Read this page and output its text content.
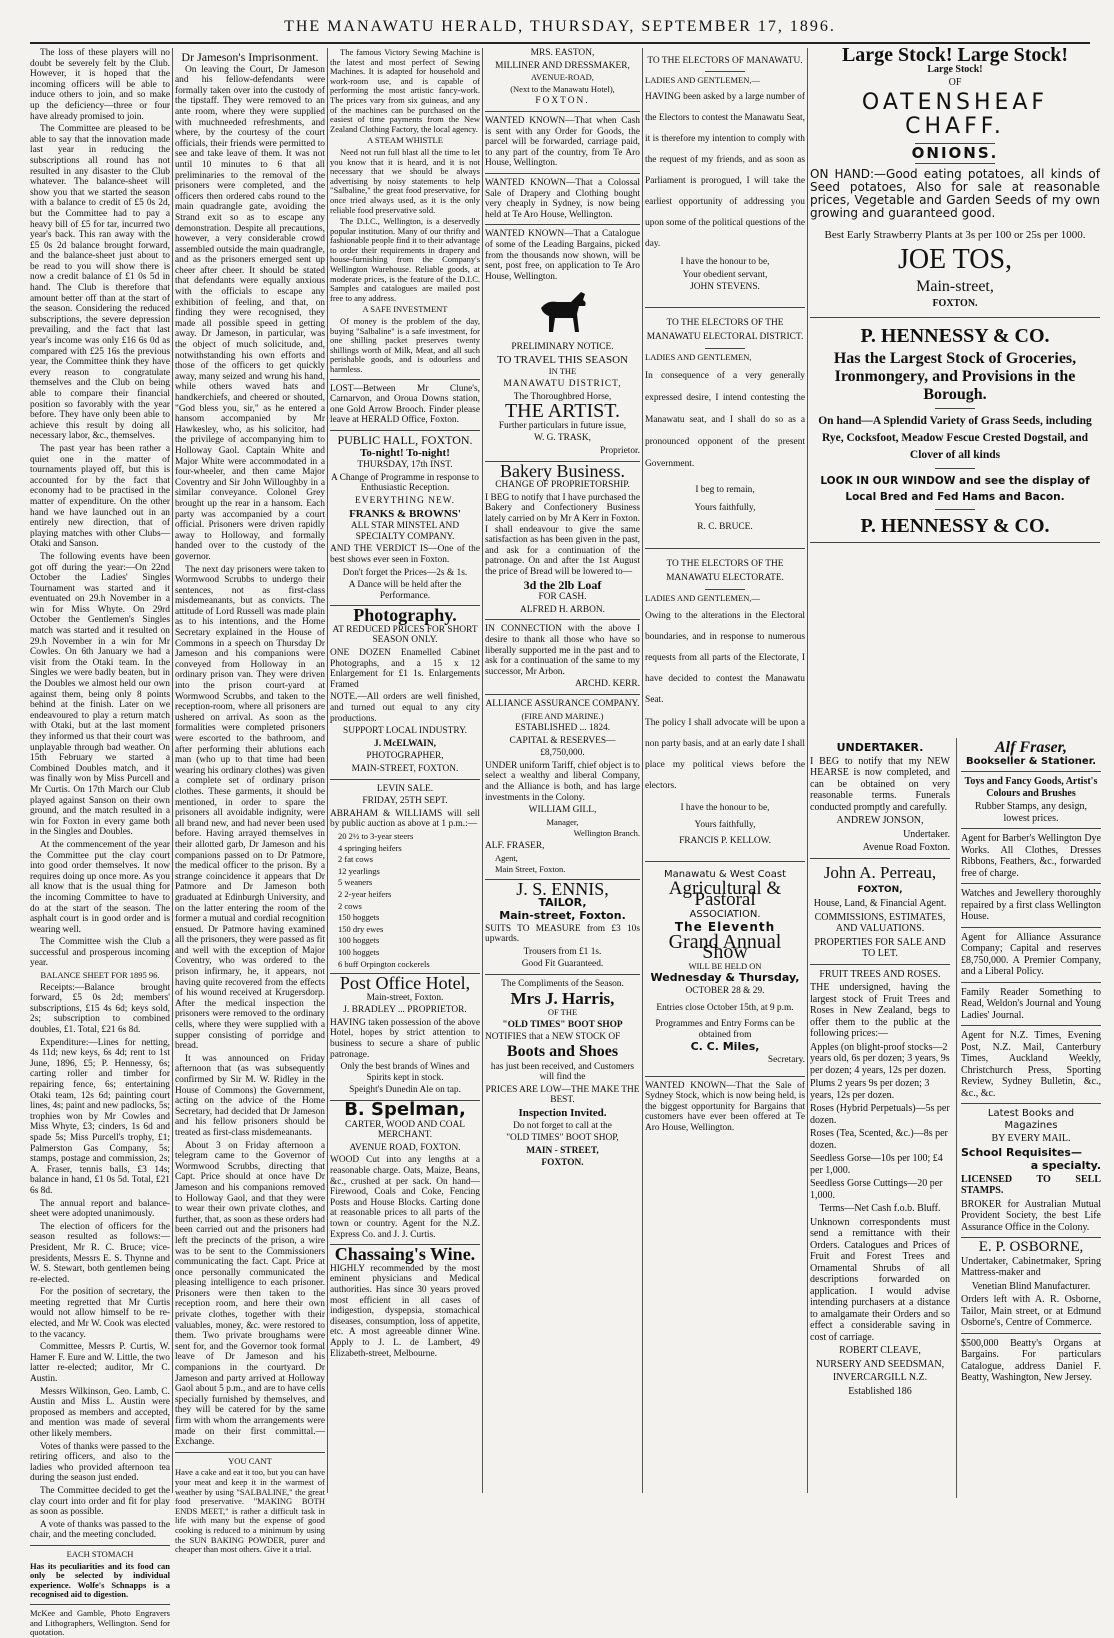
THE MANAWATU HERALD, THURSDAY, SEPTEMBER 17, 1896.

The loss of these players will no doubt be severely felt by the Club. However, it is hoped that the incoming officers will be able to induce others to join, and so make up the deficiency—three or four have already promised to join.

The Committee are pleased to be able to say that the innovation made last year in reducing the subscriptions all round has not resulted in any disaster to the Club whatever. The balance-sheet will show you that we started the season with a balance to credit of £5 0s 2d, but the Committee had to pay a heavy bill of £5 for tar, incurred two year's back. This ran away with the £5 0s 2d balance brought forward, and the balance-sheet just about to be read to you will show there is now a credit balance of £1 0s 5d in hand. The Club is therefore that amount better off than at the start of the season. Considering the reduced subscriptions, the severe depression prevailing, and the fact that last year's income was only £16 6s 0d as compared with £25 16s the previous year, the Committee think they have every reason to congratulate themselves and the Club on being able to compare their financial position so favorably with the year before. They have only been able to achieve this result by doing all necessary labor, &c., themselves.

The past year has been rather a quiet one in the matter of tournaments played off, but this is accounted for by the fact that economy had to be practised in the matter of expenditure. On the other hand we have launched out in an entirely new direction, that of playing matches with other Clubs—Otaki and Sanson.

The following events have been got off during the year:—On 22nd October the Ladies' Singles Tournament was started and it eventuated on 29.h November in a win for Miss Whyte. On 29rd October the Gentlemen's Singles match was started and it resulted on 29.h November in a win for Mr Cowles. On 6th January we had a visit from the Otaki team. In the Singles we were badly beaten, but in the Doubles we almost held our own against them, being only 8 points behind at the finish. Later on we endeavoured to play a return match with Otaki, but at the last moment they informed us that their court was unplayable through bad weather. On 15th February we started a Combined Doubles match, and it was finally won by Miss Purcell and Mr Curtis. On 17th March our Club played against Sanson on their own ground, and the match resulted in a win for Foxton in every game both in the Singles and Doubles.

At the commencement of the year the Committee put the clay court into good order themselves. It now requires doing up once more. As you all know that is the usual thing for the incoming Committee to have to do at the start of the season. The asphalt court is in good order and is wearing well.

The Committee wish the Club a successful and prosperous incoming year.

BALANCE SHEET FOR 1895 96.

Receipts:—Balance brought forward, £5 0s 2d; members' subscriptions, £15 4s 6d; keys sold, 2s; subscription to combined doubles, £1. Total, £21 6s 8d.

Expenditure:—Lines for netting, 4s 11d; new keys, 6s 4d; rent to 1st June, 1896, £5; P. Hennessy, 6s; carting roller and timber for repairing fence, 6s; entertaining Otaki team, 12s 6d; painting court lines, 4s; paint and new padlocks, 5s; trophies won by Mr Cowles and Miss Whyte, £3; cinders, 1s 6d and spade 5s; Miss Purcell's trophy, £1; Palmerston Gas Company, 5s; stamps, postage and commission, 2s; A. Fraser, tennis balls, £3 14s; balance in hand, £1 0s 5d. Total, £21 6s 8d.

The annual report and balance-sheet were adopted unanimously.

The election of officers for the season resulted as follows:—President, Mr R. C. Bruce; vice-presidents, Messrs E. S. Thynne and W. S. Stewart, both gentlemen being re-elected.

For the position of secretary, the meeting regretted that Mr Curtis would not allow himself to be re-elected, and Mr W. Cook was elected to the vacancy.

Committee, Messrs P. Curtis, W. Hamer F. Eure and W. Little, the two latter re-elected; auditor, Mr C. Austin.

Messrs Wilkinson, Geo. Lamb, C. Austin and Miss L. Austin were proposed as members and accepted, and mention was made of several other likely members.

Votes of thanks were passed to the retiring officers, and also to the ladies who provided afternoon tea during the season just ended.

The Committee decided to get the clay court into order and fit for play as soon as possible.

A vote of thanks was passed to the chair, and the meeting concluded.

EACH STOMACH

Has its peculiarities and its food can only be selected by individual experience. Wolfe's Schnapps is a recognised aid to digestion.

McKee and Gamble, Photo Engravers and Lithographers, Wellington. Send for quotation.

Dr Jameson's Imprisonment.

On leaving the Court, Dr Jameson and his fellow-defendants were formally taken over into the custody of the tipstaff. They were removed to an ante room, where they were supplied with muchneeded refreshments, and where, by the courtesy of the court officials, their friends were permitted to see and take leave of them. It was not until 10 minutes to 6 that all preliminaries to the removal of the prisoners were completed, and the officers then ordered cabs round to the main quadrangle gate, avoiding the Strand exit so as to escape any demonstration. Despite all precautions, however, a very considerable crowd assembled outside the main quadrangle, and as the prisoners emerged sent up cheer after cheer. It should be stated that defendants were equally anxious with the officials to escape any exhibition of feeling, and that, on finding they were recognised, they made all possible speed in getting away. Dr Jameson, in particular, was the object of much solicitude, and, notwithstanding his own efforts and those of the officers to get quickly away, many seized and wrung his hand, while others waved hats and handkerchiefs, and cheered or shouted, "God bless you, sir," as he entered a hansom accompanied by Mr Hawkesley, who, as his solicitor, had the privilege of accompanying him to Holloway Gaol. Captain White and Major White were accommodated in a four-wheeler, and then came Major Coventry and Sir John Willoughby in a similar conveyance. Colonel Grey brought up the rear in a hansom. Each party was accompanied by a court official. Prisoners were driven rapidly away to Holloway, and formally handed over to the custody of the governor.

The next day prisoners were taken to Wormwood Scrubbs to undergo their sentences, not as first-class misdemeanants, but as convicts. The attitude of Lord Russell was made plain as to his intentions, and the Home Secretary explained in the House of Commons in a speech on Thursday Dr Jameson and his companions were conveyed from Holloway in an ordinary prison van. They were driven into the prison court-yard at Wormwood Scrubbs, and taken to the reception-room, where all prisoners are ushered on arrival. As soon as the formalities were completed prisoners were escorted to the bathroom, and after performing their ablutions each man (who up to that time had been wearing his ordinary clothes) was given a complete set of ordinary prison clothes. These garments, it should be mentioned, in order to spare the prisoners all avoidable indignity, were all brand new, and had never been used before. Having arrayed themselves in their allotted garb, Dr Jameson and his companions passed on to Dr Patmore, the medical officer to the prison. By a strange coincidence it appears that Dr Patmore and Dr Jameson both graduated at Edinburgh University, and on the latter entering the room of the former a mutual and cordial recognition ensued. Dr Patmore having examined all the prisoners, they were passed as fit and well with the exception of Major Coventry, who was ordered to the prison infirmary, he, it appears, not having quite recovered from the effects of his wound received at Krugersdorp. After the medical inspection the prisoners were removed to the ordinary cells, where they were supplied with a supper consisting of porridge and bread.

It was announced on Friday afternoon that (as was subsequently confirmed by Sir M. W. Ridley in the House of Commons) the Government, acting on the advice of the Home Secretary, had decided that Dr Jameson and his fellow prisoners should be treated as first-class misdemeanants.

About 3 on Friday afternoon a telegram came to the Governor of Wormwood Scrubbs, directing that Capt. Price should at once have Dr Jameson and his companions removed to Holloway Gaol, and that they were to wear their own private clothes, and further, that, as soon as these orders had been carried out and the prisoners had left the precincts of the prison, a wire was to be sent to the Commissioners communicating the fact. Capt. Price at once personally communicated the pleasing intelligence to each prisoner. Prisoners were then taken to the reception room, and here their own private clothes, together with their valuables, money, &c. were restored to them. Two private broughams were sent for, and the Governor took formal leave of Dr Jameson and his companions in the courtyard. Dr Jameson and party arrived at Holloway Gaol about 5 p.m., and are to have cells specially furnished by themselves, and they will be catered for by the same firm with whom the arrangements were made on their first committal.—Exchange.

YOU CANT

Have a cake and eat it too, but you can have your meat and keep it in the warmest of weather by using "SALBALINE," the great food preservative. "MAKING BOTH ENDS MEET," is rather a difficult task in life with many but the expense of good cooking is reduced to a minimum by using the SUN BAKING POWDER, purer and cheaper than most others. Give it a trial.

The famous Victory Sewing Machine is the latest and most perfect of Sewing Machines. It is adapted for household and work-room use, and is capable of performing the most artistic fancy-work. The prices vary from six guineas, and any of the machines can be purchased on the easiest of time payments from the New Zealand Clothing Factory, the local agency.

A STEAM WHISTLE

Need not run full blast all the time to let you know that it is heard, and it is not necessary that we should be always advertising by noisy statements to help "Salbaline," the great food preservative, for once tried always used, as it is the only reliable food preservative sold.

The D.I.C., Wellington, is a deservedly popular institution. Many of our thrifty and fashionable people find it to their advantage to order their requirements in drapery and house-furnishing from the Company's Wellington Warehouse. Reliable goods, at moderate prices, is the feature of the D.I.C. Samples and catalogues are mailed post free to any address.

A SAFE INVESTMENT

Of money is the problem of the day, buying "Salbaline" is a safe investment, for one shilling packet preserves twenty shillings worth of Milk, Meat, and all such perishable goods, and is odourless and harmless.

LOST—Between Mr Clune's, Carnarvon, and Oroua Downs station, one Gold Arrow Brooch. Finder please leave at HERALD Office, Foxton.

PUBLIC HALL, FOXTON.

To-night! To-night!

THURSDAY, 17th INST.

A Change of Programme in response to Enthusiastic Reception.

EVERYTHING NEW.

FRANKS & BROWNS'

ALL STAR MINSTEL AND SPECIALTY COMPANY.

AND THE VERDICT IS—One of the best shows ever seen in Foxton.

Don't forget the Prices—2s & 1s.

A Dance will be held after the Performance.

Photography.

AT REDUCED PRICES FOR SHORT SEASON ONLY.

ONE DOZEN Enamelled Cabinet Photographs, and a 15 x 12 Enlargement for £1 1s. Enlargements Framed

NOTE.—All orders are well finished, and turned out equal to any city productions.

SUPPORT LOCAL INDUSTRY.

J. McELWAIN,

PHOTOGRAPHER,

MAIN-STREET, FOXTON.

LEVIN SALE.

FRIDAY, 25TH SEPT.

ABRAHAM & WILLIAMS will sell by public auction as above at 1 p.m.:—

20 2½ to 3-year steers

4 springing heifers

2 fat cows

12 yearlings

5 weaners

2 2-year heifers

2 cows

150 hoggets

150 dry ewes

100 hoggets

100 hoggets

6 buff Orpington cockerels

Post Office Hotel,

Main-street, Foxton.

J. BRADLEY ... PROPRIETOR.

HAVING taken possession of the above Hotel, hopes by strict attention to business to secure a share of public patronage.

Only the best brands of Wines and Spirits kept in stock.

Speight's Dunedin Ale on tap.

B. Spelman,

CARTER, WOOD AND COAL MERCHANT.

AVENUE ROAD, FOXTON.

WOOD Cut into any lengths at a reasonable charge. Oats, Maize, Beans, &c., crushed at per sack. On hand—Firewood, Coals and Coke, Fencing Posts and House Blocks. Carting done at reasonable prices to all parts of the town or country. Agent for the N.Z. Express Co. and J. J. Curtis.

Chassaing's Wine.

HIGHLY recommended by the most eminent physicians and Medical authorities. Has since 30 years proved most efficient in all cases of indigestion, dyspepsia, stomachical diseases, consumption, loss of appetite, etc. A most agreeable dinner Wine. Apply to J. L. de Lambert, 49 Elizabeth-street, Melbourne.

MRS. EASTON,

MILLINER AND DRESSMAKER,

AVENUE-ROAD,

(Next to the Manawatu Hotel),

FOXTON.

WANTED KNOWN—That when Cash is sent with any Order for Goods, the parcel will be forwarded, carriage paid, to any part of the country, from Te Aro House, Wellington.

WANTED KNOWN—That a Colossal Sale of Drapery and Clothing bought very cheaply in Sydney, is now being held at Te Aro House, Wellington.

WANTED KNOWN—That a Catalogue of some of the Leading Bargains, picked from the thousands now shown, will be sent, post free, on application to Te Aro House, Wellington.

PRELIMINARY NOTICE.

TO TRAVEL THIS SEASON

IN THE

MANAWATU DISTRICT,

The Thoroughbred Horse,

THE ARTIST.

Further particulars in future issue,

W. G. TRASK,

Proprietor.

Bakery Business.

CHANGE OF PROPRIETORSHIP.

I BEG to notify that I have purchased the Bakery and Confectionery Business lately carried on by Mr A Kerr in Foxton. I shall endeavour to give the same satisfaction as has been given in the past, and ask for a continuation of the patronage. On and after the 1st August the price of Bread will be lowered to—

3d the 2lb Loaf

FOR CASH.

ALFRED H. ARBON.

IN CONNECTION with the above I desire to thank all those who have so liberally supported me in the past and to ask for a continuation of the same to my successor, Mr Arbon.

ARCHD. KERR.

ALLIANCE ASSURANCE COMPANY.

(FIRE AND MARINE.)

ESTABLISHED ... 1824.

CAPITAL & RESERVES—

£8,750,000.

UNDER uniform Tariff, chief object is to select a wealthy and liberal Company, and the Alliance is both, and has large investments in the Colony.

WILLIAM GILL,

Manager,

Wellington Branch.

ALF. FRASER,

Agent,

Main Street, Foxton.

J. S. ENNIS,

TAILOR,

Main-street, Foxton.

SUITS TO MEASURE from £3 10s upwards.

Trousers from £1 1s.

Good Fit Guaranteed.

The Compliments of the Season.

Mrs J. Harris,

OF THE

"OLD TIMES" BOOT SHOP

NOTIFIES that a NEW STOCK OF

Boots and Shoes

has just been received, and Customers will find the

PRICES ARE LOW—THE MAKE THE BEST.

Inspection Invited.

Do not forget to call at the

"OLD TIMES" BOOT SHOP,

MAIN - STREET,

FOXTON.

TO THE ELECTORS OF MANAWATU.

LADIES AND GENTLEMEN,—

HAVING been asked by a large number of the Electors to contest the Manawatu Seat, it is therefore my intention to comply with the request of my friends, and as soon as Parliament is prorogued, I will take the earliest opportunity of addressing you upon some of the political questions of the day.

I have the honour to be,

Your obedient servant,

JOHN STEVENS.

TO THE ELECTORS OF THE MANAWATU ELECTORAL DISTRICT.

LADIES AND GENTLEMEN,

In consequence of a very generally expressed desire, I intend contesting the Manawatu seat, and I shall do so as a pronounced opponent of the present Government.

I beg to remain,

Yours faithfully,

R. C. BRUCE.

TO THE ELECTORS OF THE MANAWATU ELECTORATE.

LADIES AND GENTLEMEN,—

Owing to the alterations in the Electoral boundaries, and in response to numerous requests from all parts of the Electorate, I have decided to contest the Manawatu Seat.

The policy I shall advocate will be upon a non party basis, and at an early date I shall place my political views before the electors.

I have the honour to be,

Yours faithfully,

FRANCIS P. KELLOW.

Manawatu & West Coast

Agricultural & Pastoral

ASSOCIATION.

The Eleventh

Grand Annual Show

WILL BE HELD ON

Wednesday & Thursday,

OCTOBER 28 & 29.

Entries close October 15th, at 9 p.m.

Programmes and Entry Forms can be obtained from

C. C. Miles,

Secretary.

WANTED KNOWN—That the Sale of Sydney Stock, which is now being held, is the biggest opportunity for Bargains that customers have ever been offered at Te Aro House, Wellington.

Large Stock! Large Stock!

Large Stock!

OF

OATENSHEAF CHAFF.

ONIONS.

ON HAND:—Good eating potatoes, all kinds of Seed potatoes, Also for sale at reasonable prices, Vegetable and Garden Seeds of my own growing and guaranteed good.

Best Early Strawberry Plants at 3s per 100 or 25s per 1000.

JOE TOS,

Main-street,

FOXTON.

P. HENNESSY & CO.

Has the Largest Stock of Groceries, Ironmongery, and Provisions in the Borough.

On hand—A Splendid Variety of Grass Seeds, including Rye, Cocksfoot, Meadow Fescue Crested Dogstail, and Clover of all kinds

LOOK IN OUR WINDOW and see the display of Local Bred and Fed Hams and Bacon.

P. HENNESSY & CO.

UNDERTAKER.

I BEG to notify that my NEW HEARSE is now completed, and can be obtained on very reasonable terms. Funerals conducted promptly and carefully.

ANDREW JONSON,

Undertaker.

Avenue Road Foxton.

John A. Perreau,

FOXTON,

House, Land, & Financial Agent.

COMMISSIONS, ESTIMATES, AND VALUATIONS.

PROPERTIES FOR SALE AND TO LET.

FRUIT TREES AND ROSES.

THE undersigned, having the largest stock of Fruit Trees and Roses in New Zealand, begs to offer them to the public at the following prices:—

Apples (on blight-proof stocks—2 years old, 6s per dozen; 3 years, 9s per dozen; 4 years, 12s per dozen.

Plums 2 years 9s per dozen; 3 years, 12s per dozen.

Roses (Hybrid Perpetuals)—5s per dozen.

Roses (Tea, Scented, &c.)—8s per dozen.

Seedless Gorse—10s per 100; £4 per 1,000.

Seedless Gorse Cuttings—20 per 1,000.

Terms—Net Cash f.o.b. Bluff.

Unknown correspondents must send a remittance with their Orders. Catalogues and Prices of Fruit and Forest Trees and Ornamental Shrubs of all descriptions forwarded on application. I would advise intending purchasers at a distance to amalgamate their Orders and so effect a considerable saving in cost of carriage.

ROBERT CLEAVE,

NURSERY AND SEEDSMAN,

INVERCARGILL N.Z.

Established 186

Alf Fraser,

Bookseller & Stationer.

Toys and Fancy Goods, Artist's Colours and Brushes

Rubber Stamps, any design, lowest prices.

Agent for Barber's Wellington Dye Works. All Clothes, Dresses Ribbons, Feathers, &c., forwarded free of charge.

Watches and Jewellery thoroughly repaired by a first class Wellington House.

Agent for Alliance Assurance Company; Capital and reserves £8,750,000. A Premier Company, and a Liberal Policy.

Family Reader Something to Read, Weldon's Journal and Young Ladies' Journal.

Agent for N.Z. Times, Evening Post, N.Z. Mail, Canterbury Times, Auckland Weekly, Christchurch Press, Sporting Review, Sydney Bulletin, &c., &c., &c.

Latest Books and Magazines

BY EVERY MAIL.

School Requisites—

a specialty.

LICENSED TO SELL STAMPS.

BROKER for Australian Mutual Provident Society, the best Life Assurance Office in the Colony.

E. P. OSBORNE,

Undertaker, Cabinetmaker, Spring Mattress-maker and

Venetian Blind Manufacturer.

Orders left with A. R. Osborne, Tailor, Main street, or at Edmund Osborne's, Centre of Commerce.

$500,000 Beatty's Organs at Bargains. For particulars Catalogue, address Daniel F. Beatty, Washington, New Jersey.
